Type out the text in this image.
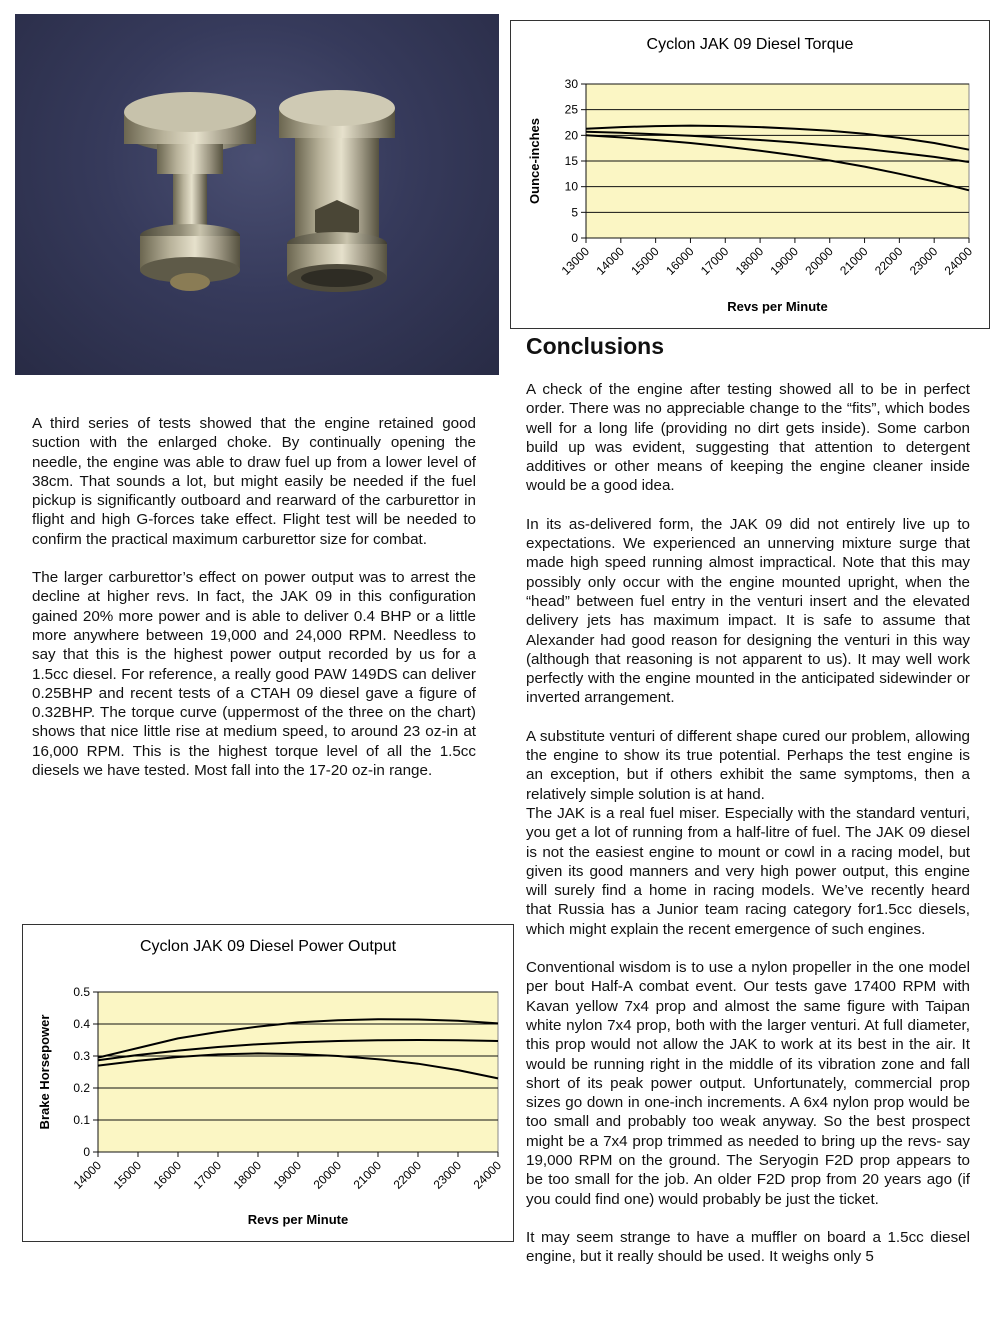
Cyclon JAK 09 Diesel Torque
0
5
10
15
20
25
30
13000 14000 15000 16000 17000 18000 19000 20000 21000 22000 23000 24000
Revs per Minute
Ounce-inches
Conclusions

A third series of tests showed that the engine retained good suction with the enlarged choke. By continually opening the needle, the engine was able to draw fuel up from a lower level of 38cm. That sounds a lot, but might easily be needed if the fuel pickup is significantly outboard and rearward of the carburettor in flight and high G-forces take effect. Flight test will be needed to confirm the practical maximum carburettor size for combat.

The larger carburettor’s effect on power output was to arrest the decline at higher revs. In fact, the JAK 09 in this configuration gained 20% more power and is able to deliver 0.4 BHP or a little more anywhere between 19,000 and 24,000 RPM. Needless to say that this is the highest power output recorded by us for a 1.5cc diesel. For reference, a really good PAW 149DS can deliver 0.25BHP and recent tests of a CTAH 09 diesel gave a figure of 0.32BHP. The torque curve (uppermost of the three on the chart) shows that nice little rise at medium speed, to around 23 oz-in at 16,000 RPM. This is the highest torque level of all the 1.5cc diesels we have tested. Most fall into the 17-20 oz-in range.

A check of the engine after testing showed all to be in perfect order. There was no appreciable change to the “fits”, which bodes well for a long life (providing no dirt gets inside). Some carbon build up was evident, suggesting that attention to detergent additives or other means of keeping the engine cleaner inside would be a good idea.

In its as-delivered form, the JAK 09 did not entirely live up to expectations. We experienced an unnerving mixture surge that made high speed running almost impractical. Note that this may possibly only occur with the engine mounted upright, when the “head” between fuel entry in the venturi insert and the elevated delivery jets has maximum impact. It is safe to assume that Alexander had good reason for designing the venturi in this way (although that reasoning is not apparent to us). It may well work perfectly with the engine mounted in the anticipated sidewinder or inverted arrangement.

A substitute venturi of different shape cured our problem, allowing the engine to show its true potential. Perhaps the test engine is an exception, but if others exhibit the same symptoms, then a relatively simple solution is at hand.

The JAK is a real fuel miser. Especially with the standard venturi, you get a lot of running from a half-litre of fuel. The JAK 09 diesel is not the easiest engine to mount or cowl in a racing model, but given its good manners and very high power output, this engine will surely find a home in racing models. We’ve recently heard that Russia has a Junior team racing category for1.5cc diesels, which might explain the recent emergence of such engines.

Conventional wisdom is to use a nylon propeller in the one model per bout Half-A combat event. Our tests gave 17400 RPM with Kavan yellow 7x4 prop and almost the same figure with Taipan white nylon 7x4 prop, both with the larger venturi. At full diameter, this prop would not allow the JAK to work at its best in the air. It would be running right in the middle of its vibration zone and fall short of its peak power output. Unfortunately, commercial prop sizes go down in one-inch increments. A 6x4 nylon prop would be too small and probably too weak anyway. So the best prospect might be a 7x4 prop trimmed as needed to bring up the revs- say 19,000 RPM on the ground. The Seryogin F2D prop appears to be too small for the job. An older F2D prop from 20 years ago (if you could find one) would probably be just the ticket.

It may seem strange to have a muffler on board a 1.5cc diesel engine, but it really should be used. It weighs only 5

Cyclon JAK 09 Diesel Power Output
0
0.1
0.2
0.3
0.4
0.5
14000 15000 16000 17000 18000 19000 20000 21000 22000 23000 24000
Revs per Minute
Brake Horsepower
